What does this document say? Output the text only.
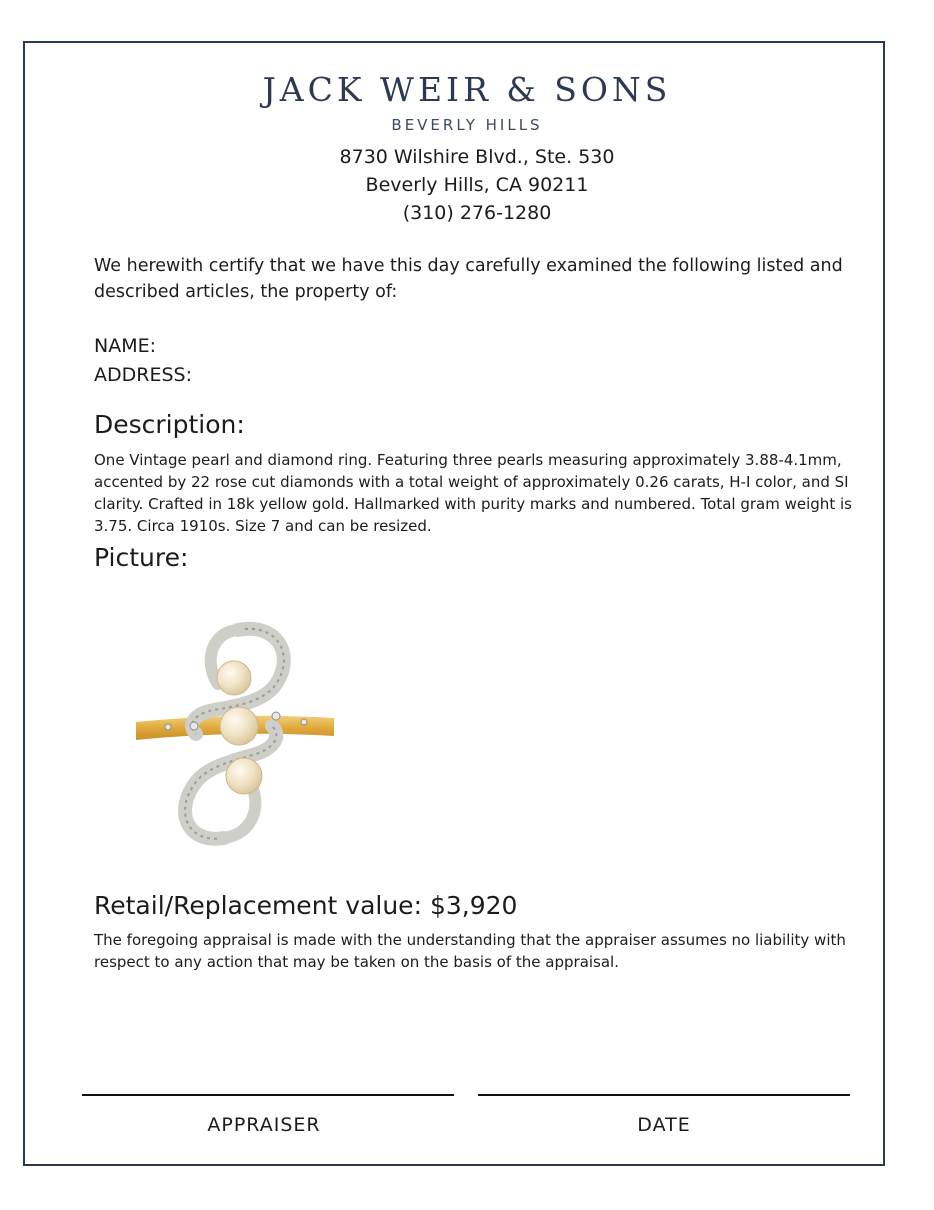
JACK WEIR & SONS
BEVERLY HILLS
8730 Wilshire Blvd., Ste. 530
Beverly Hills, CA 90211
(310) 276-1280
We herewith certify that we have this day carefully examined the following listed and described articles, the property of:
NAME:
ADDRESS:
Description:
One Vintage pearl and diamond ring. Featuring three pearls measuring approximately 3.88-4.1mm, accented by 22 rose cut diamonds with a total weight of approximately 0.26 carats, H-I color, and SI clarity. Crafted in 18k yellow gold. Hallmarked with purity marks and numbered. Total gram weight is 3.75. Circa 1910s. Size 7 and can be resized.
Picture:
Retail/Replacement value: $3,920
The foregoing appraisal is made with the understanding that the appraiser assumes no liability with respect to any action that may be taken on the basis of the appraisal.
APPRAISER	DATE
